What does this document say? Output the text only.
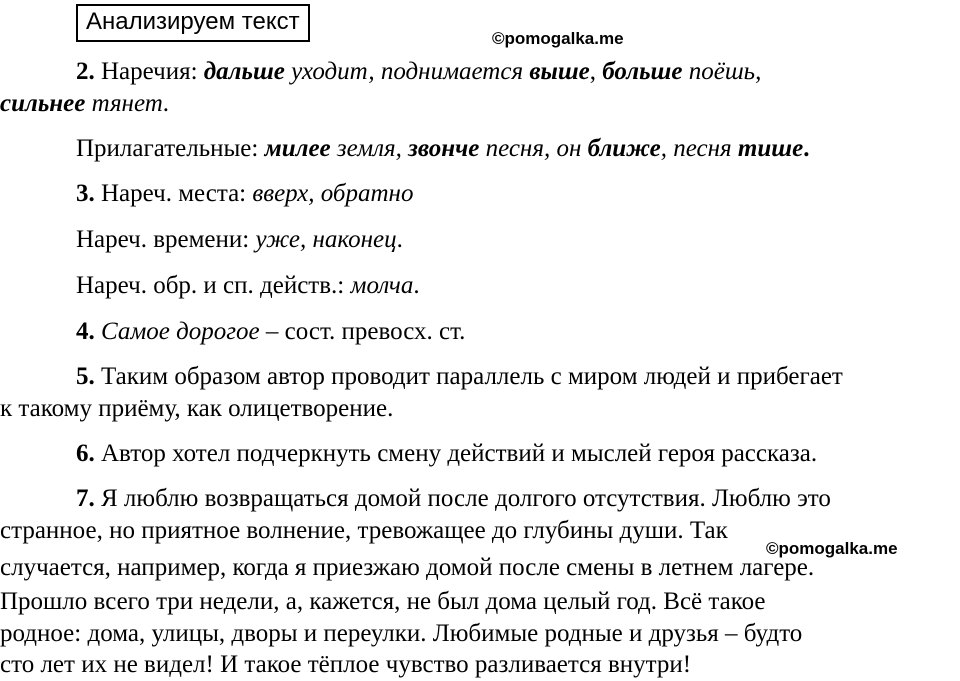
Анализируем текст
2. Наречия: дальше уходит, поднимается выше, больше поёшь,
сильнее тянет.
Прилагательные: милее земля, звонче песня, он ближе, песня тише.
©pomogalka.me
3. Нареч. места: вверх, обратно
Нареч. времени: уже, наконец.
Нареч. обр. и сп. действ.: молча.
4. Самое дорогое – сост. превосх. ст.
5. Таким образом автор проводит параллель с миром людей и прибегает
к такому приёму, как олицетворение.
6. Автор хотел подчеркнуть смену действий и мыслей героя рассказа.
7. Я люблю возвращаться домой после долгого отсутствия. Люблю это
странное, но приятное волнение, тревожащее до глубины души. Так
случается, например, когда я приезжаю домой после смены в летнем лагере.
Прошло всего три недели, а, кажется, не был дома целый год. Всё такое
родное: дома, улицы, дворы и переулки. Любимые родные и друзья – будто
сто лет их не видел! И такое тёплое чувство разливается внутри!
©pomogalka.me
